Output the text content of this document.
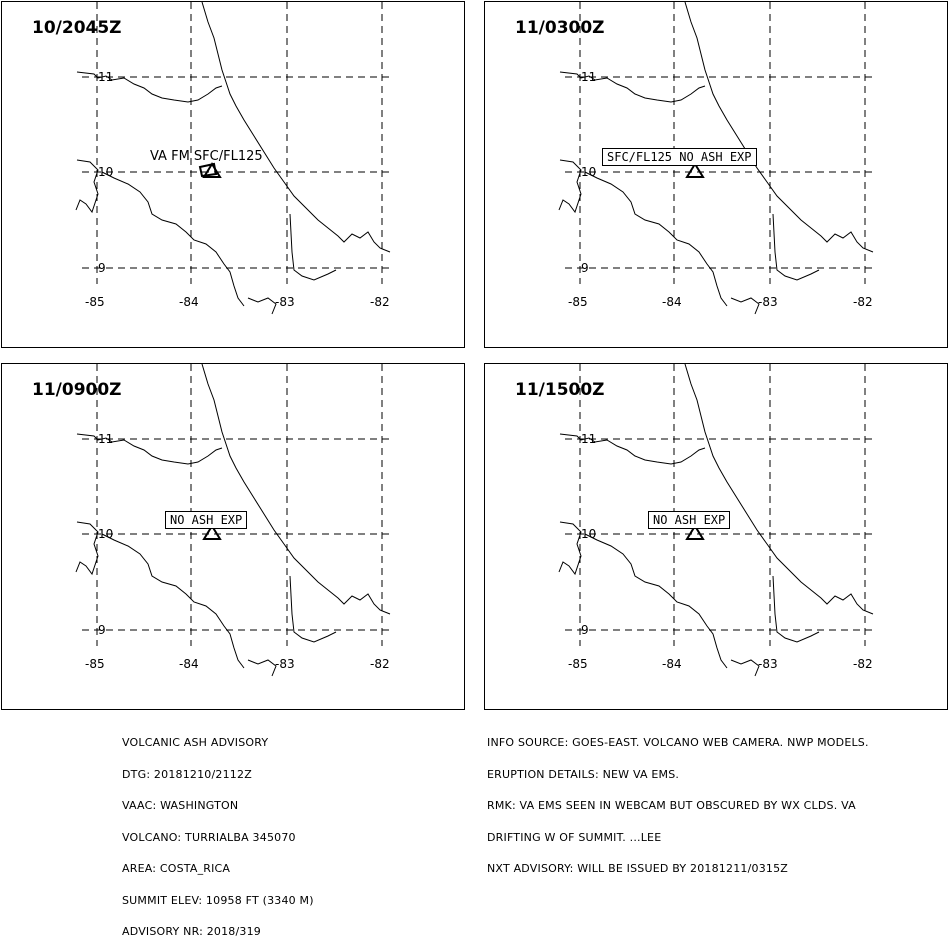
11
10
9
-85	-84	-83	-82
10/2045Z
VA FM SFC/FL125
11
10
9
-85	-84	-83	-82
11/0300Z
SFC/FL125 NO ASH EXP
11
10
9
-85	-84	-83	-82
11/0900Z
NO ASH EXP
11
10
9
-85	-84	-83	-82
11/1500Z
NO ASH EXP

VOLCANIC ASH ADVISORY

DTG: 20181210/2112Z

VAAC: WASHINGTON

VOLCANO: TURRIALBA 345070

AREA: COSTA_RICA

SUMMIT ELEV: 10958 FT (3340 M)

ADVISORY NR: 2018/319

INFO SOURCE: GOES-EAST. VOLCANO WEB CAMERA. NWP MODELS.

ERUPTION DETAILS: NEW VA EMS.

RMK: VA EMS SEEN IN WEBCAM BUT OBSCURED BY WX CLDS. VA

DRIFTING W OF SUMMIT. ...LEE

NXT ADVISORY: WILL BE ISSUED BY 20181211/0315Z
